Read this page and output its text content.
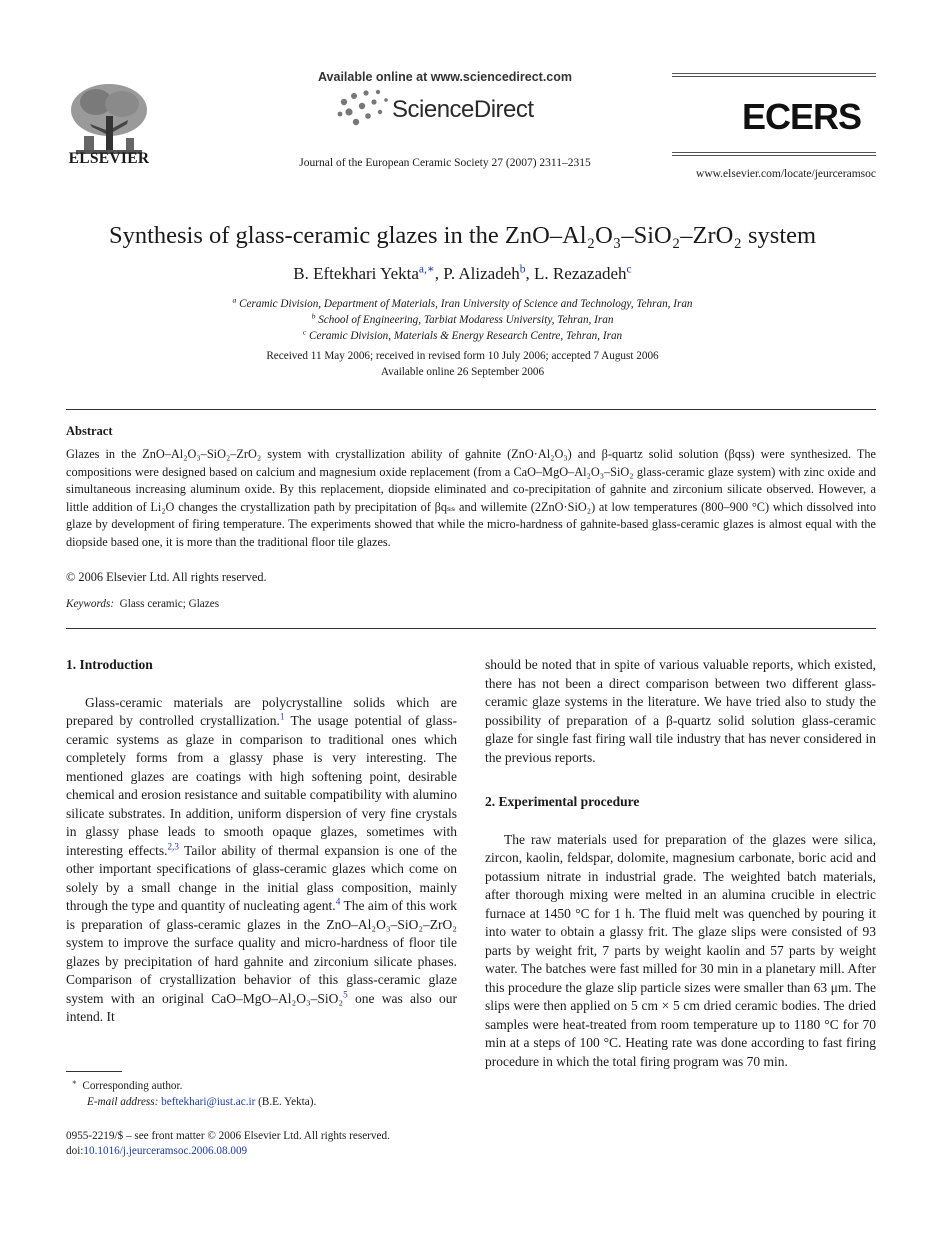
ELSEVIER
Available online at www.sciencedirect.com
ScienceDirect
Journal of the European Ceramic Society 27 (2007) 2311–2315
ECERS
www.elsevier.com/locate/jeurceramsoc
Synthesis of glass-ceramic glazes in the ZnO–Al₂O₃–SiO₂–ZrO₂ system
B. Eftekhari Yekta$^{a,∗}$, P. Alizadeh$^b$, L. Rezazadeh$^c$
$^a$ Ceramic Division, Department of Materials, Iran University of Science and Technology, Tehran, Iran
$^b$ School of Engineering, Tarbiat Modaress University, Tehran, Iran
$^c$ Ceramic Division, Materials & Energy Research Centre, Tehran, Iran
Received 11 May 2006; received in revised form 10 July 2006; accepted 7 August 2006
Available online 26 September 2006
Abstract
Glazes in the ZnO–Al₂O₃–SiO₂–ZrO₂ system with crystallization ability of gahnite (ZnO·Al₂O₃) and β-quartz solid solution (βqss) were synthesized. The compositions were designed based on calcium and magnesium oxide replacement (from a CaO–MgO–Al₂O₃–SiO₂ glass-ceramic glaze system) with zinc oxide and simultaneous increasing aluminum oxide. By this replacement, diopside eliminated and co-precipitation of gahnite and zirconium silicate observed. However, a little addition of Li₂O changes the crystallization path by precipitation of βqₛₛ and willemite (2ZnO·SiO₂) at low temperatures (800–900 °C) which dissolved into glaze by development of firing temperature. The experiments showed that while the micro-hardness of gahnite-based glass-ceramic glazes is almost equal with the diopside based one, it is more than the traditional floor tile glazes.
© 2006 Elsevier Ltd. All rights reserved.
Keywords: Glass ceramic; Glazes

1. Introduction

Glass-ceramic materials are polycrystalline solids which are prepared by controlled crystallization.$^1$ The usage potential of glass-ceramic systems as glaze in comparison to traditional ones which completely forms from a glassy phase is very interesting. The mentioned glazes are coatings with high softening point, desirable chemical and erosion resistance and suitable compatibility with alumino silicate substrates. In addition, uniform dispersion of very fine crystals in glassy phase leads to smooth opaque glazes, sometimes with interesting effects.$^{2,3}$ Tailor ability of thermal expansion is one of the other important specifications of glass-ceramic glazes which come on solely by a small change in the initial glass composition, mainly through the type and quantity of nucleating agent.$^4$ The aim of this work is preparation of glass-ceramic glazes in the ZnO–Al₂O₃–SiO₂–ZrO₂ system to improve the surface quality and micro-hardness of floor tile glazes by precipitation of hard gahnite and zirconium silicate phases. Comparison of crystallization behavior of this glass-ceramic glaze system with an original CaO–MgO–Al₂O₃–SiO₂$^5$ one was also our intend. It

∗ Corresponding author.
E-mail address: beftekhari@iust.ac.ir (B.E. Yekta).
0955-2219/$ – see front matter © 2006 Elsevier Ltd. All rights reserved.
doi:10.1016/j.jeurceramsoc.2006.08.009

should be noted that in spite of various valuable reports, which existed, there has not been a direct comparison between two different glass-ceramic glaze systems in the literature. We have tried also to study the possibility of preparation of a β-quartz solid solution glass-ceramic glaze for single fast firing wall tile industry that has never considered in the previous reports.

2. Experimental procedure

The raw materials used for preparation of the glazes were silica, zircon, kaolin, feldspar, dolomite, magnesium carbonate, boric acid and potassium nitrate in industrial grade. The weighted batch materials, after thorough mixing were melted in an alumina crucible in electric furnace at 1450 °C for 1 h. The fluid melt was quenched by pouring it into water to obtain a glassy frit. The glaze slips were consisted of 93 parts by weight frit, 7 parts by weight kaolin and 57 parts by weight water. The batches were fast milled for 30 min in a planetary mill. After this procedure the glaze slip particle sizes were smaller than 63 μm. The slips were then applied on 5 cm × 5 cm dried ceramic bodies. The dried samples were heat-treated from room temperature up to 1180 °C for 70 min at a steps of 100 °C. Heating rate was done according to fast firing procedure in which the total firing program was 70 min.
